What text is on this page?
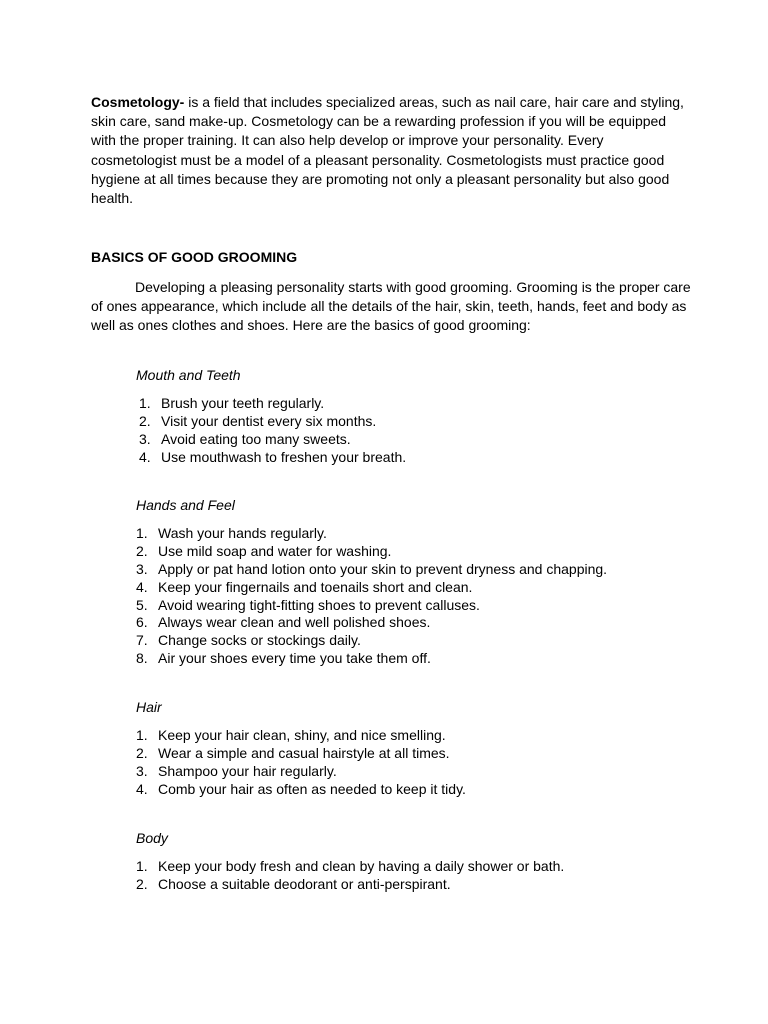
Cosmetology- is a field that includes specialized areas, such as nail care, hair care and styling, skin care, sand make-up. Cosmetology can be a rewarding profession if you will be equipped with the proper training. It can also help develop or improve your personality. Every cosmetologist must be a model of a pleasant personality. Cosmetologists must practice good hygiene at all times because they are promoting not only a pleasant personality but also good health.

BASICS OF GOOD GROOMING

Developing a pleasing personality starts with good grooming. Grooming is the proper care of ones appearance, which include all the details of the hair, skin, teeth, hands, feet and body as well as ones clothes and shoes. Here are the basics of good grooming:

Mouth and Teeth

1. Brush your teeth regularly.
2. Visit your dentist every six months.
3. Avoid eating too many sweets.
4. Use mouthwash to freshen your breath.

Hands and Feel

1. Wash your hands regularly.
2. Use mild soap and water for washing.
3. Apply or pat hand lotion onto your skin to prevent dryness and chapping.
4. Keep your fingernails and toenails short and clean.
5. Avoid wearing tight-fitting shoes to prevent calluses.
6. Always wear clean and well polished shoes.
7. Change socks or stockings daily.
8. Air your shoes every time you take them off.

Hair

1. Keep your hair clean, shiny, and nice smelling.
2. Wear a simple and casual hairstyle at all times.
3. Shampoo your hair regularly.
4. Comb your hair as often as needed to keep it tidy.

Body

1. Keep your body fresh and clean by having a daily shower or bath.
2. Choose a suitable deodorant or anti-perspirant.
